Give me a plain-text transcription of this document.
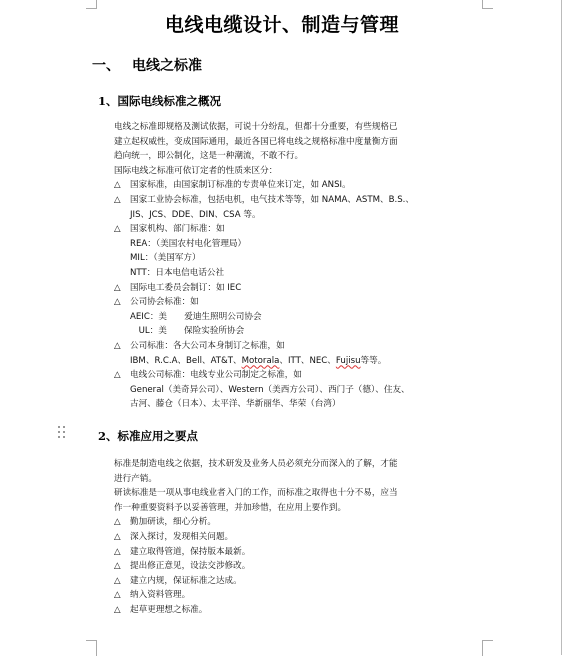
电线电缆设计、制造与管理
一、 电线之标准
1、国际电线标准之概况
电线之标准即规格及测试依据，可说十分纷乱，但都十分重要，有些规格已
建立起权威性，变成国际通用，最近各国已将电线之规格标准中度量衡方面
趋向统一，即公制化，这是一种潮流，不敢不行。
国际电线之标准可依订定者的性质来区分：
△ 国家标准，由国家制订标准的专责单位来订定，如 ANSI。
△ 国家工业协会标准，包括电机，电气技术等等，如 NAMA、ASTM、B.S.、
JIS、JCS、DDE、DIN、CSA 等。
△ 国家机构、部门标准：如
REA：（美国农村电化管理局）
MIL：（美国军方）
NTT：日本电信电话公社
△ 国际电工委员会制订：如 IEC
△ 公司协会标准：如
AEIC：美　　爱迪生照明公司协会
　UL：美　　保险实验所协会
△ 公司标准：各大公司本身制订之标准，如
IBM、R.C.A、Bell、AT&T、Motorala、ITT、NEC、Fujisu等等。
△ 电线公司标准：电线专业公司制定之标准，如
General（美奇异公司）、Western（美西方公司）、西门子（德）、住友、
古河、藤仓（日本）、太平洋、华新丽华、华荣（台湾）
2、标准应用之要点
标准是制造电线之依据，技术研发及业务人员必须充分而深入的了解，才能
进行产销。
研读标准是一项从事电线业者入门的工作，而标准之取得也十分不易，应当
作一种重要资料予以妥善管理，并加珍惜，在应用上要作到。
△ 勤加研读，细心分析。
△ 深入探讨，发现相关问题。
△ 建立取得管道，保持版本最新。
△ 提出修正意见，设法交涉修改。
△ 建立内规，保证标准之达成。
△ 纳入资料管理。
△ 起草更理想之标准。
